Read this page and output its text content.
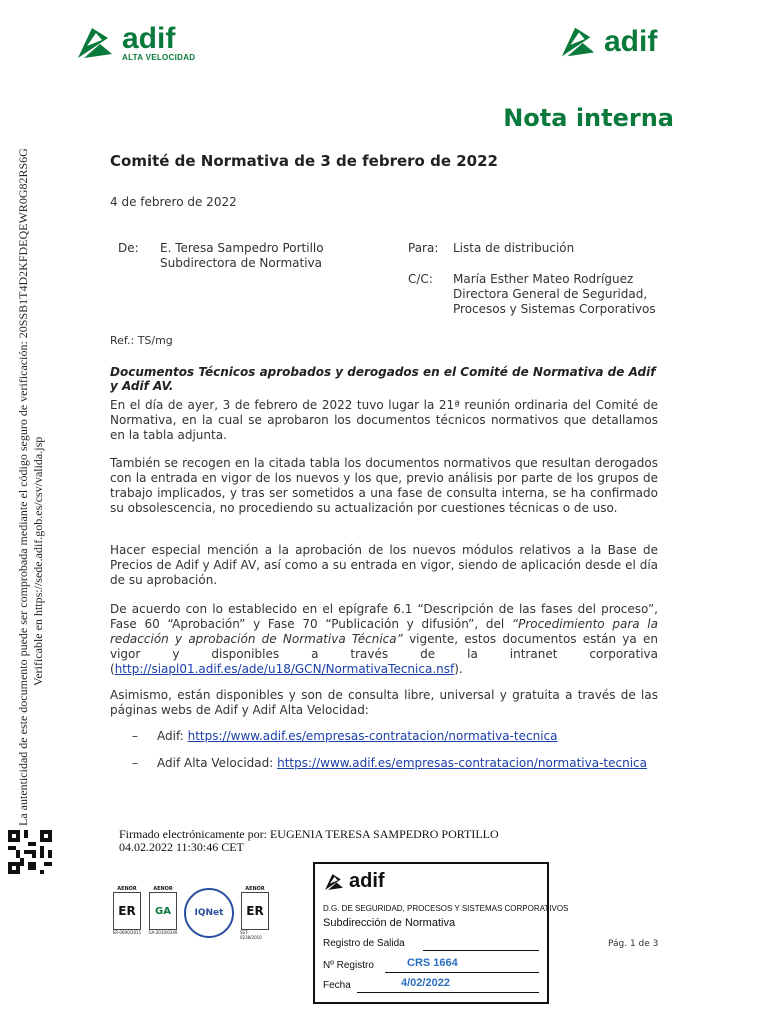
adif
ALTA VELOCIDAD	adif
Nota interna
Comité de Normativa de 3 de febrero de 2022
4 de febrero de 2022
De: E. Teresa Sampedro Portillo
Subdirectora de Normativa
Para: Lista de distribución
C/C: María Esther Mateo Rodríguez
Directora General de Seguridad,
Procesos y Sistemas Corporativos
Ref.: TS/mg
Documentos Técnicos aprobados y derogados en el Comité de Normativa de Adif y Adif AV.
En el día de ayer, 3 de febrero de 2022 tuvo lugar la 21ª reunión ordinaria del Comité de Normativa, en la cual se aprobaron los documentos técnicos normativos que detallamos en la tabla adjunta.
También se recogen en la citada tabla los documentos normativos que resultan derogados con la entrada en vigor de los nuevos y los que, previo análisis por parte de los grupos de trabajo implicados, y tras ser sometidos a una fase de consulta interna, se ha confirmado su obsolescencia, no procediendo su actualización por cuestiones técnicas o de uso.
Hacer especial mención a la aprobación de los nuevos módulos relativos a la Base de Precios de Adif y Adif AV, así como a su entrada en vigor, siendo de aplicación desde el día de su aprobación.
De acuerdo con lo establecido en el epígrafe 6.1 “Descripción de las fases del proceso”, Fase 60 “Aprobación” y Fase 70 “Publicación y difusión”, del “Procedimiento para la redacción y aprobación de Normativa Técnica” vigente, estos documentos están ya en vigor y disponibles a través de la intranet corporativa (http://siapl01.adif.es/ade/u18/GCN/NormativaTecnica.nsf).
Asimismo, están disponibles y son de consulta libre, universal y gratuita a través de las páginas webs de Adif y Adif Alta Velocidad:
– Adif: https://www.adif.es/empresas-contratacion/normativa-tecnica
– Adif Alta Velocidad: https://www.adif.es/empresas-contratacion/normativa-tecnica
Firmado electrónicamente por: EUGENIA TERESA SAMPEDRO PORTILLO
04.02.2022 11:30:46 CET
La autenticidad de este documento puede ser comprobada mediante el código seguro de verificación: 20SSB1T4D2KFDEQEWR0G82RS6G Verificable en https://sede.adif.gob.es/csv/valida.jsp
AENOR
ER
ER-0690/2011
AENOR
GA
GA-2010/0340
IQNet
AENOR
ER
SST-0238/2010
adif
D.G. DE SEGURIDAD, PROCESOS Y SISTEMAS CORPORATIVOS
Subdirección de Normativa
Registro de Salida
Nº Registro	CRS 1664
Fecha	4/02/2022
Pág. 1 de 3
